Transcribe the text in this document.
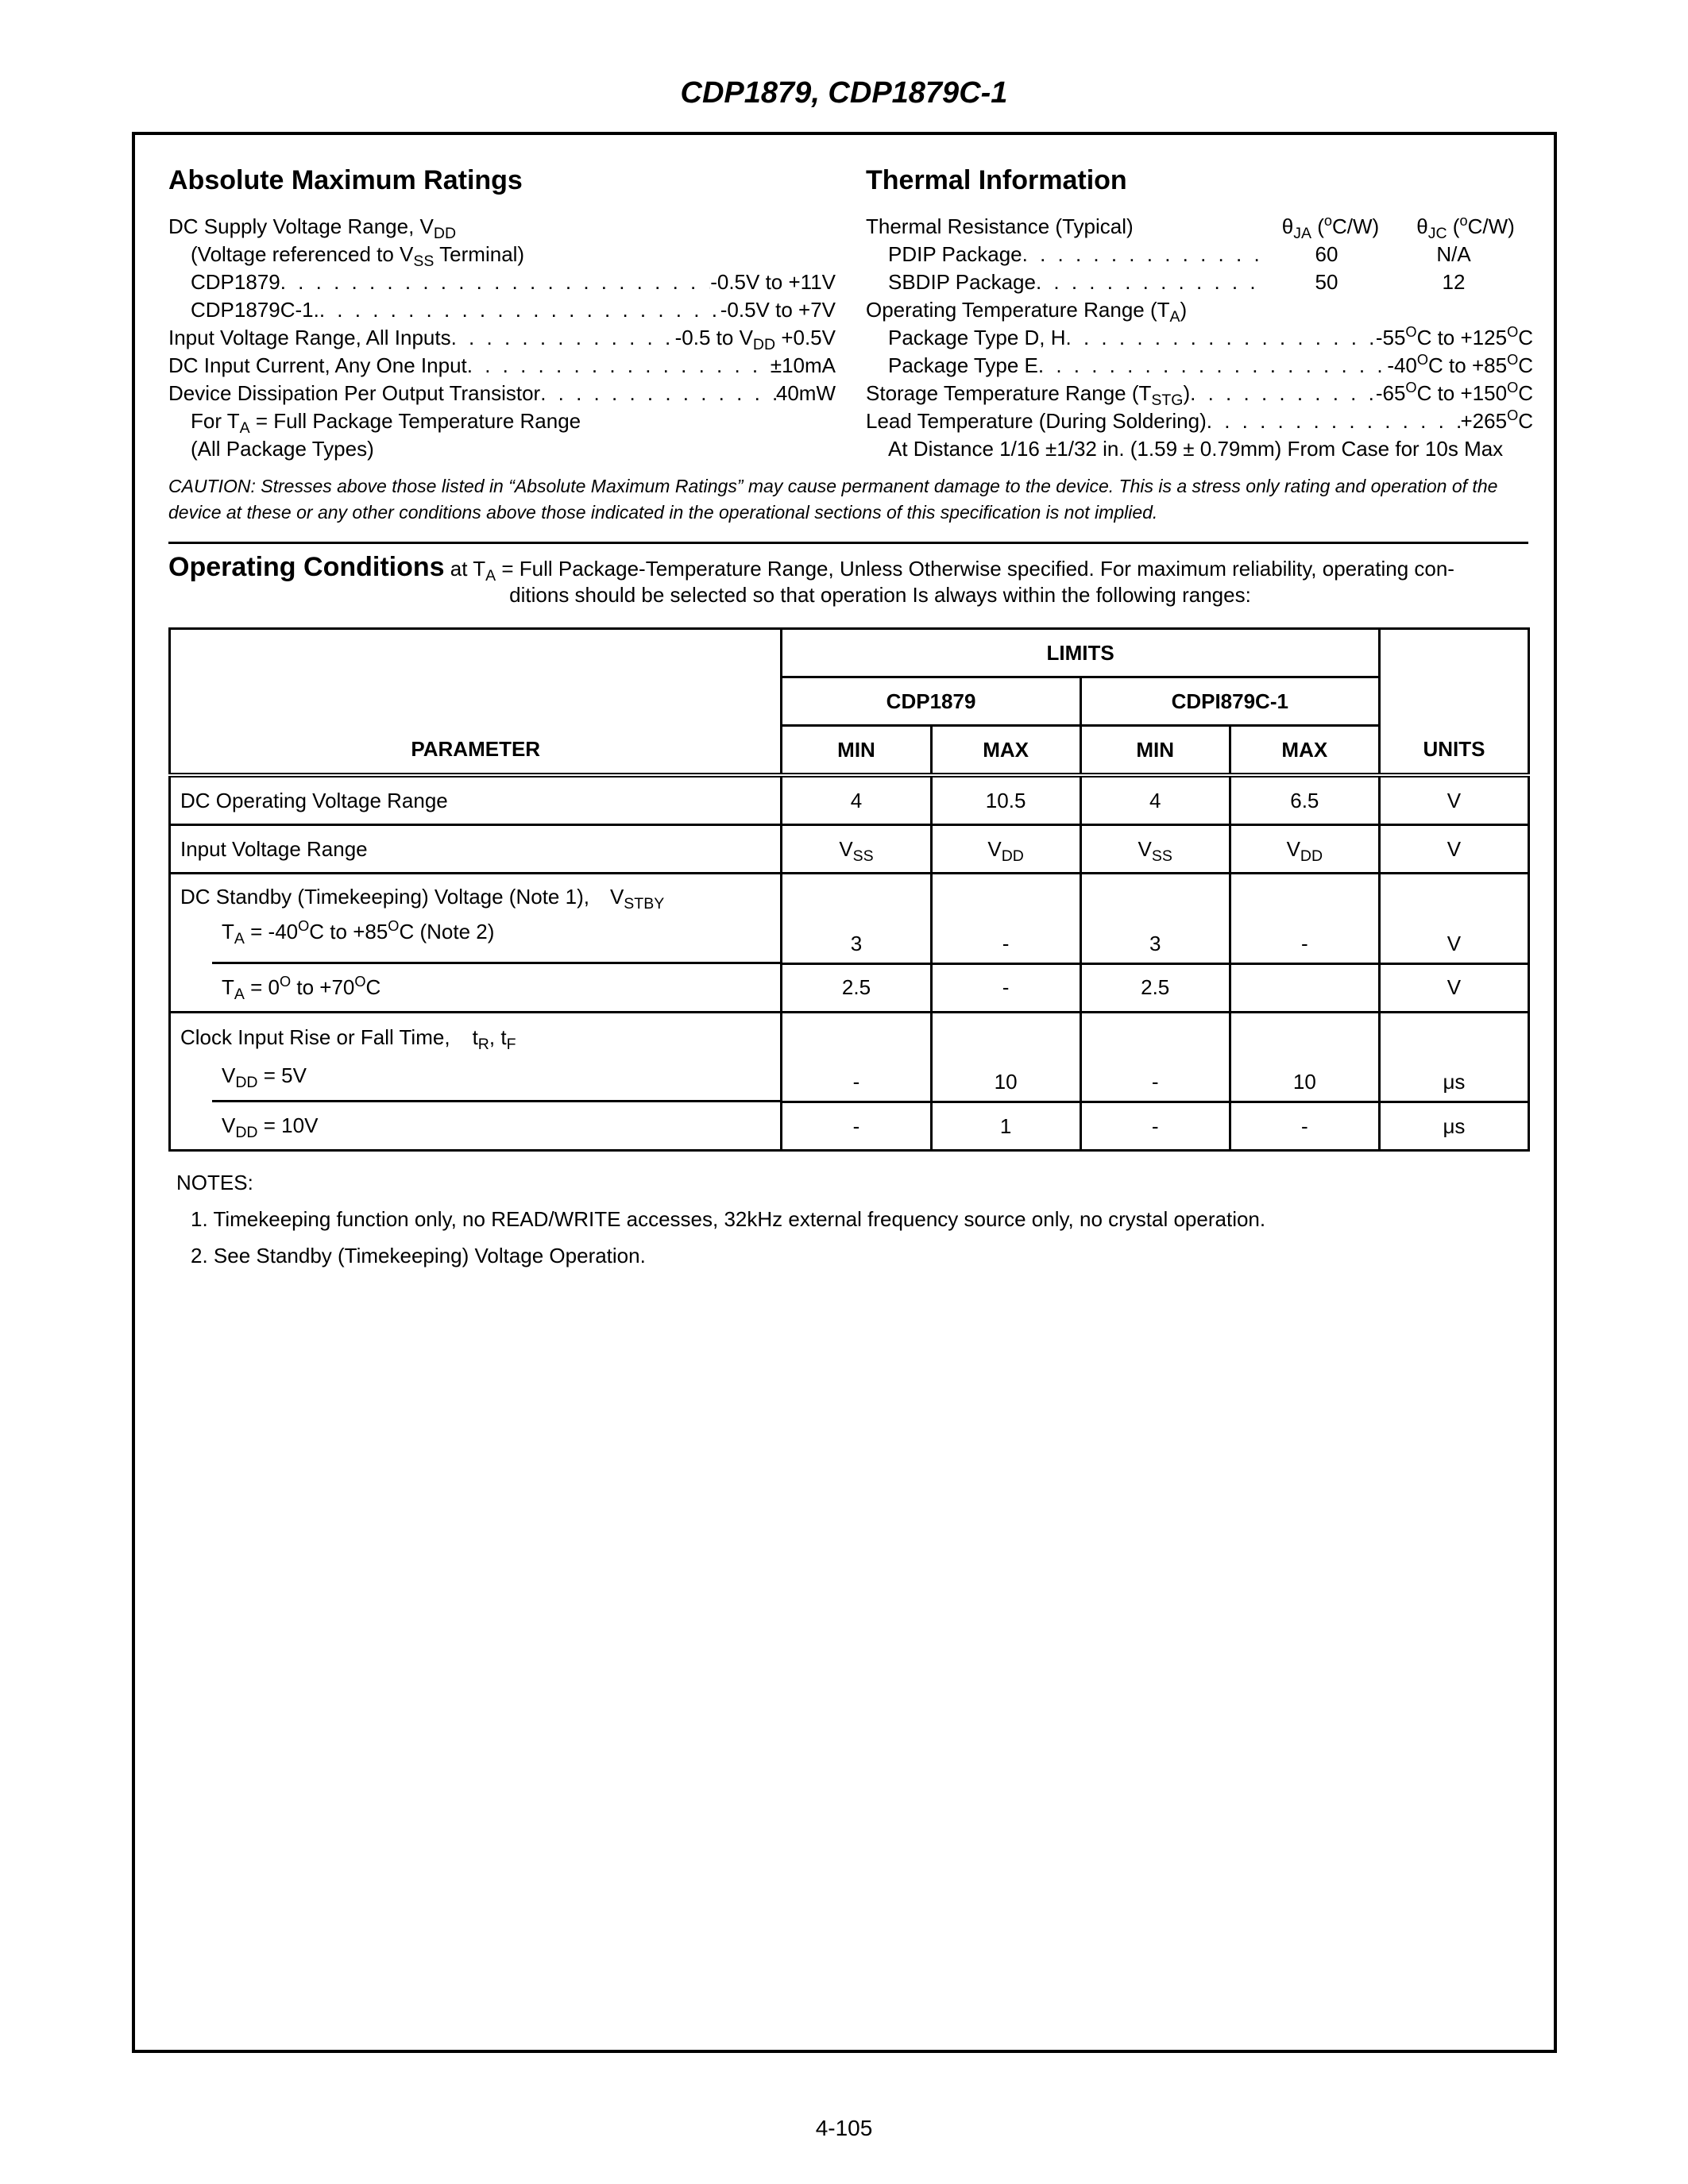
CDP1879, CDP1879C-1
Absolute Maximum Ratings
DC Supply Voltage Range, $V_{DD}$
(Voltage referenced to $V_{SS}$ Terminal)
CDP1879 . . .	-0.5V to +11V
CDP1879C-1. . . .	-0.5V to +7V
Input Voltage Range, All Inputs . . .	-0.5 to $V_{DD} +0.5V$
DC Input Current, Any One Input . . .	±10mA
Device Dissipation Per Output Transistor . . .	40mW
For $T_A$ = Full Package Temperature Range
(All Package Types)
Thermal Information
Thermal Resistance (Typical)	$\theta_{JA}$ ($^o$C/W)	$\theta_{JC}$ ($^o$C/W)
PDIP Package . . .	60	N/A
SBDIP Package . . .	50	12
Operating Temperature Range $(T_A)$
Package Type D, H . . .	$-55^OC$ to $+125^OC$
Package Type E . . .	$-40^OC$ to $+85^OC$
Storage Temperature Range $(T_{STG})$ . . .	$-65^OC$ to $+150^OC$
Lead Temperature (During Soldering) . . .	$+265^OC$
At Distance 1/16 ±1/32 in. (1.59 ± 0.79mm) From Case for 10s Max
CAUTION: Stresses above those listed in “Absolute Maximum Ratings” may cause permanent damage to the device. This is a stress only rating and operation of the device at these or any other conditions above those indicated in the operational sections of this specification is not implied.
Operating Conditions at $T_A$ = Full Package-Temperature Range, Unless Otherwise specified. For maximum reliability, operating con-
ditions should be selected so that operation Is always within the following ranges:
PARAMETER	LIMITS				UNITS
	CDP1879		CDPI879C-1		
	MIN	MAX	MIN	MAX	
DC Operating Voltage Range	4	10.5	4	6.5	V
Input Voltage Range	$V_{SS}$	$V_{DD}$	$V_{SS}$	$V_{DD}$	V

DC Standby (Timekeeping) Voltage (Note 1), $V_{STBY}$
$T_A = -40^OC$ to $+85^OC$ (Note 2)	3	-	3	-	V

$T_A = 0^O$ to $+70^OC$	2.5	-	2.5		V

Clock Input Rise or Fall Time, $t_R$, $t_F$
$V_{DD} = 5V$	-	10	-	10	μs

$V_{DD} = 10V$	-	1	-	-	μs
NOTES:
1. Timekeeping function only, no READ/WRITE accesses, 32kHz external frequency source only, no crystal operation.
2. See Standby (Timekeeping) Voltage Operation.
4-105
